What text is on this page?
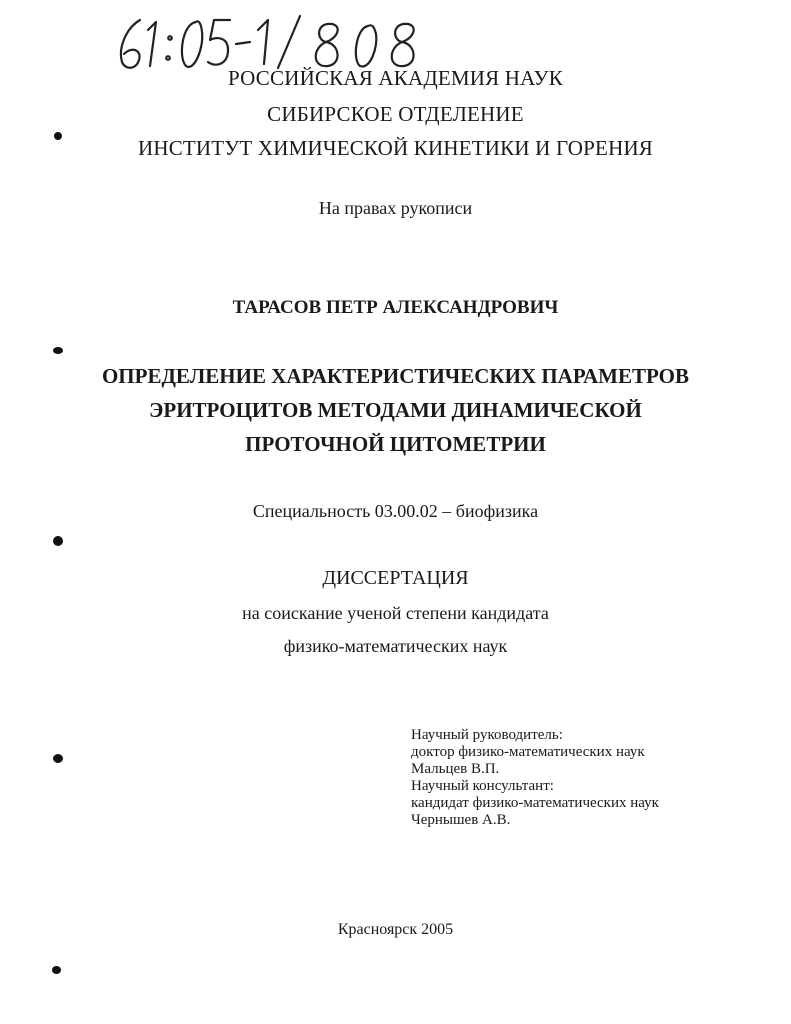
РОССИЙСКАЯ АКАДЕМИЯ НАУК
СИБИРСКОЕ ОТДЕЛЕНИЕ
ИНСТИТУТ ХИМИЧЕСКОЙ КИНЕТИКИ И ГОРЕНИЯ
На правах рукописи
ТАРАСОВ ПЕТР АЛЕКСАНДРОВИЧ
ОПРЕДЕЛЕНИЕ ХАРАКТЕРИСТИЧЕСКИХ ПАРАМЕТРОВ
ЭРИТРОЦИТОВ МЕТОДАМИ ДИНАМИЧЕСКОЙ
ПРОТОЧНОЙ ЦИТОМЕТРИИ
Специальность 03.00.02 – биофизика
ДИССЕРТАЦИЯ
на соискание ученой степени кандидата
физико-математических наук
Научный руководитель:
доктор физико-математических наук
Мальцев В.П.
Научный консультант:
кандидат физико-математических наук
Чернышев А.В.
Красноярск 2005
